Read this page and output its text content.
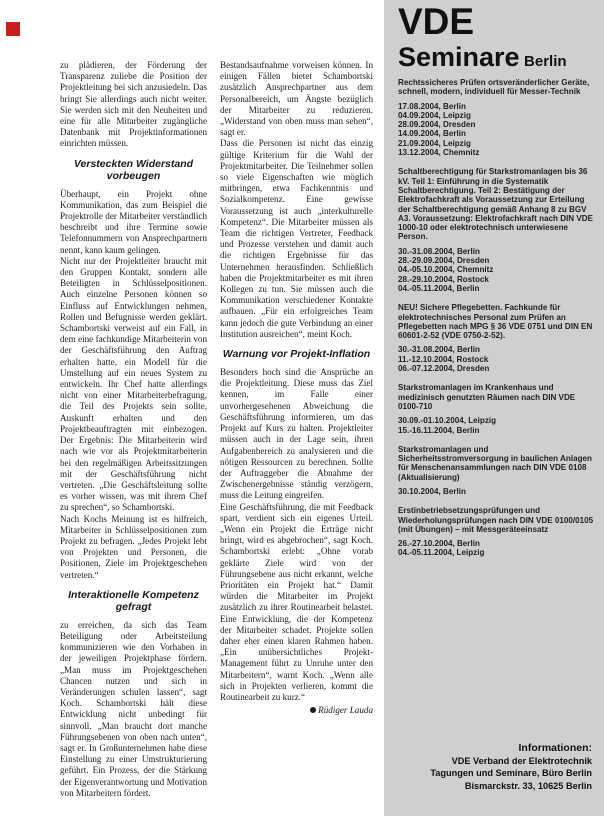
zu plädieren, der Förderung der Transparenz zuliebe die Position der Projektleitung bei sich anzusiedeln. Das bringt Sie allerdings auch nicht weiter. Sie werden sich mit den Neuheiten und eine für alle Mitarbeiter zugängliche Datenbank mit Projektinformationen einrichten müssen.

Versteckten Widerstand vorbeugen

Überhaupt, ein Projekt ohne Kommunikation, das zum Beispiel die Projektrolle der Mitarbeiter verständlich beschreibt und ihre Termine sowie Telefonnummern von Ansprechpartnern nennt, kann kaum gelingen.
Nicht nur der Projektleiter braucht mit den Gruppen Kontakt, sondern alle Beteiligten in Schlüsselpositionen. Auch einzelne Personen können so Einfluss auf Entwicklungen nehmen, Rollen und Befugnisse werden geklärt. Schambortski verweist auf ein Fall, in dem eine fachkundige Mitarbeiterin von der Geschäftsführung den Auftrag erhalten hatte, ein Modell für die Umstellung auf ein neues System zu entwickeln. Ihr Chef hatte allerdings nicht von einer Mitarbeiterbefragung, die Teil des Projekts sein sollte, Auskunft erhalten und den Projektbeauftragten mit einbezogen. Der Ergebnis: Die Mitarbeiterin wird nach wie vor als Projektmitarbeiterin bei den regelmäßigen Arbeitssitzungen mit der Geschäftsführung nicht vertreten. „Die Geschäftsleitung sollte es vorher wissen, was mit ihrem Chef zu sprechen“, so Schambortski.
Nach Kochs Meinung ist es hilfreich, Mitarbeiter in Schlüsselpositionen zum Projekt zu befragen. „Jedes Projekt lebt von Projekten und Personen, die Positionen, Ziele im Projektgeschehen vertreten.“

Interaktionelle Kompetenz gefragt

zu erreichen, da sich das Team Beteiligung oder Arbeitsteilung kommunizieren wie den Vorhaben in der jeweiligen Projektphase fördern. „Man muss im Projektgeschehen Chancen nutzen und sich in Veränderungen schulen lassen“, sagt Koch. Schambortski hält diese Entwicklung nicht unbedingt für sinnvoll. „Man braucht dort manche Führungsebenen von oben nach unten“, sagt er. In Großunternehmen habe diese Einstellung zu einer Umstrukturierung geführt. Ein Prozess, der die Stärkung der Eigenverantwortung und Motivation von Mitarbeitern fördert.

Bestandsaufnahme vorweisen können. In einigen Fällen bietet Schambortski zusätzlich Ansprechpartner aus dem Personalbereich, um Ängste bezüglich der Mitarbeiter zu reduzieren. „Widerstand von oben muss man sehen“, sagt er.
Dass die Personen ist nicht das einzig gültige Kriterium für die Wahl der Projektmitarbeiter. Die Teilnehmer sollen so viele Eigenschaften wie möglich mitbringen, etwa Fachkenntnis und Sozialkompetenz. Eine gewisse Voraussetzung ist auch „interkulturelle Kompetenz“. Die Mitarbeiter müssen als Team die richtigen Vertreter, Feedback und Prozesse verstehen und damit auch die richtigen Ergebnisse für das Unternehmen herausfinden. Schließlich haben die Projektmitarbeiter es mit ihren Kollegen zu tun. Sie müssen auch die Kommunikation verschiedener Kontakte aufbauen. „Für ein erfolgreiches Team kann jedoch die gute Verbindung an einer Institution ausreichen“, meint Koch.

Warnung vor Projekt-Inflation

Besonders hoch sind die Ansprüche an die Projektleitung. Diese muss das Ziel kennen, im Falle einer unvorhergesehenen Abweichung die Geschäftsführung informieren, um das Projekt auf Kurs zu halten. Projektleiter müssen auch in der Lage sein, ihren Aufgabenbereich zu analysieren und die nötigen Ressourcen zu berechnen. Sollte der Auftraggeber die Abnahme der Zwischenergebnisse ständig verzögern, muss die Leitung eingreifen.
Eine Geschäftsführung, die mit Feedback spart, verdient sich ein eigenes Urteil. „Wenn ein Projekt die Erträge nicht bringt, wird es abgebrochen“, sagt Koch. Schambortski erlebt: „Ohne vorab geklärte Ziele wird von der Führungsebene aus nicht erkannt, welche Prioritäten ein Projekt hat.“ Damit würden die Mitarbeiter im Projekt zusätzlich zu ihrer Routinearbeit belastet. Eine Entwicklung, die der Kompetenz der Mitarbeiter schadet. Projekte sollen daher eher einen klaren Rahmen haben. „Ein unübersichtliches Projekt-Management führt zu Unruhe unter den Mitarbeitern“, warnt Koch. „Wenn alle sich in Projekten verlieren, kommt die Routinearbeit zu kurz.“

Rüdiger Lauda
VDE
Seminare Berlin
Rechtssicheres Prüfen ortsveränderlicher Geräte, schnell, modern, individuell für Messer-Technik
17.08.2004, Berlin
04.09.2004, Leipzig
28.09.2004, Dresden
14.09.2004, Berlin
21.09.2004, Leipzig
13.12.2004, Chemnitz
Schaltberechtigung für Starkstromanlagen bis 36 kV. Teil 1: Einführung in die Systematik Schaltberechtigung. Teil 2: Bestätigung der Elektrofachkraft als Voraussetzung zur Erteilung der Schaltberechtigung gemäß Anhang 8 zu BGV A3. Voraussetzung: Elektrofachkraft nach DIN VDE 1000-10 oder elektrotechnisch unterwiesene Person.
30.-31.08.2004, Berlin
28.-29.09.2004, Dresden
04.-05.10.2004, Chemnitz
28.-29.10.2004, Rostock
04.-05.11.2004, Berlin
NEU! Sichere Pflegebetten. Fachkunde für elektrotechnisches Personal zum Prüfen an Pflegebetten nach MPG § 36 VDE 0751 und DIN EN 60601-2-52 (VDE 0750-2-52).
30.-31.08.2004, Berlin
11.-12.10.2004, Rostock
06.-07.12.2004, Dresden
Starkstromanlagen im Krankenhaus und medizinisch genutzten Räumen nach DIN VDE 0100-710
30.09.-01.10.2004, Leipzig
15.-16.11.2004, Berlin
Starkstromanlagen und Sicherheitsstromversorgung in baulichen Anlagen für Menschenansammlungen nach DIN VDE 0108 (Aktualisierung)
30.10.2004, Berlin
Erstinbetriebsetzungsprüfungen und Wiederholungsprüfungen nach DIN VDE 0100/0105 (mit Übungen) – mit Messgeräteeinsatz
26.-27.10.2004, Berlin
04.-05.11.2004, Leipzig
Informationen:
VDE Verband der Elektrotechnik
Tagungen und Seminare, Büro Berlin
Bismarckstr. 33, 10625 Berlin
